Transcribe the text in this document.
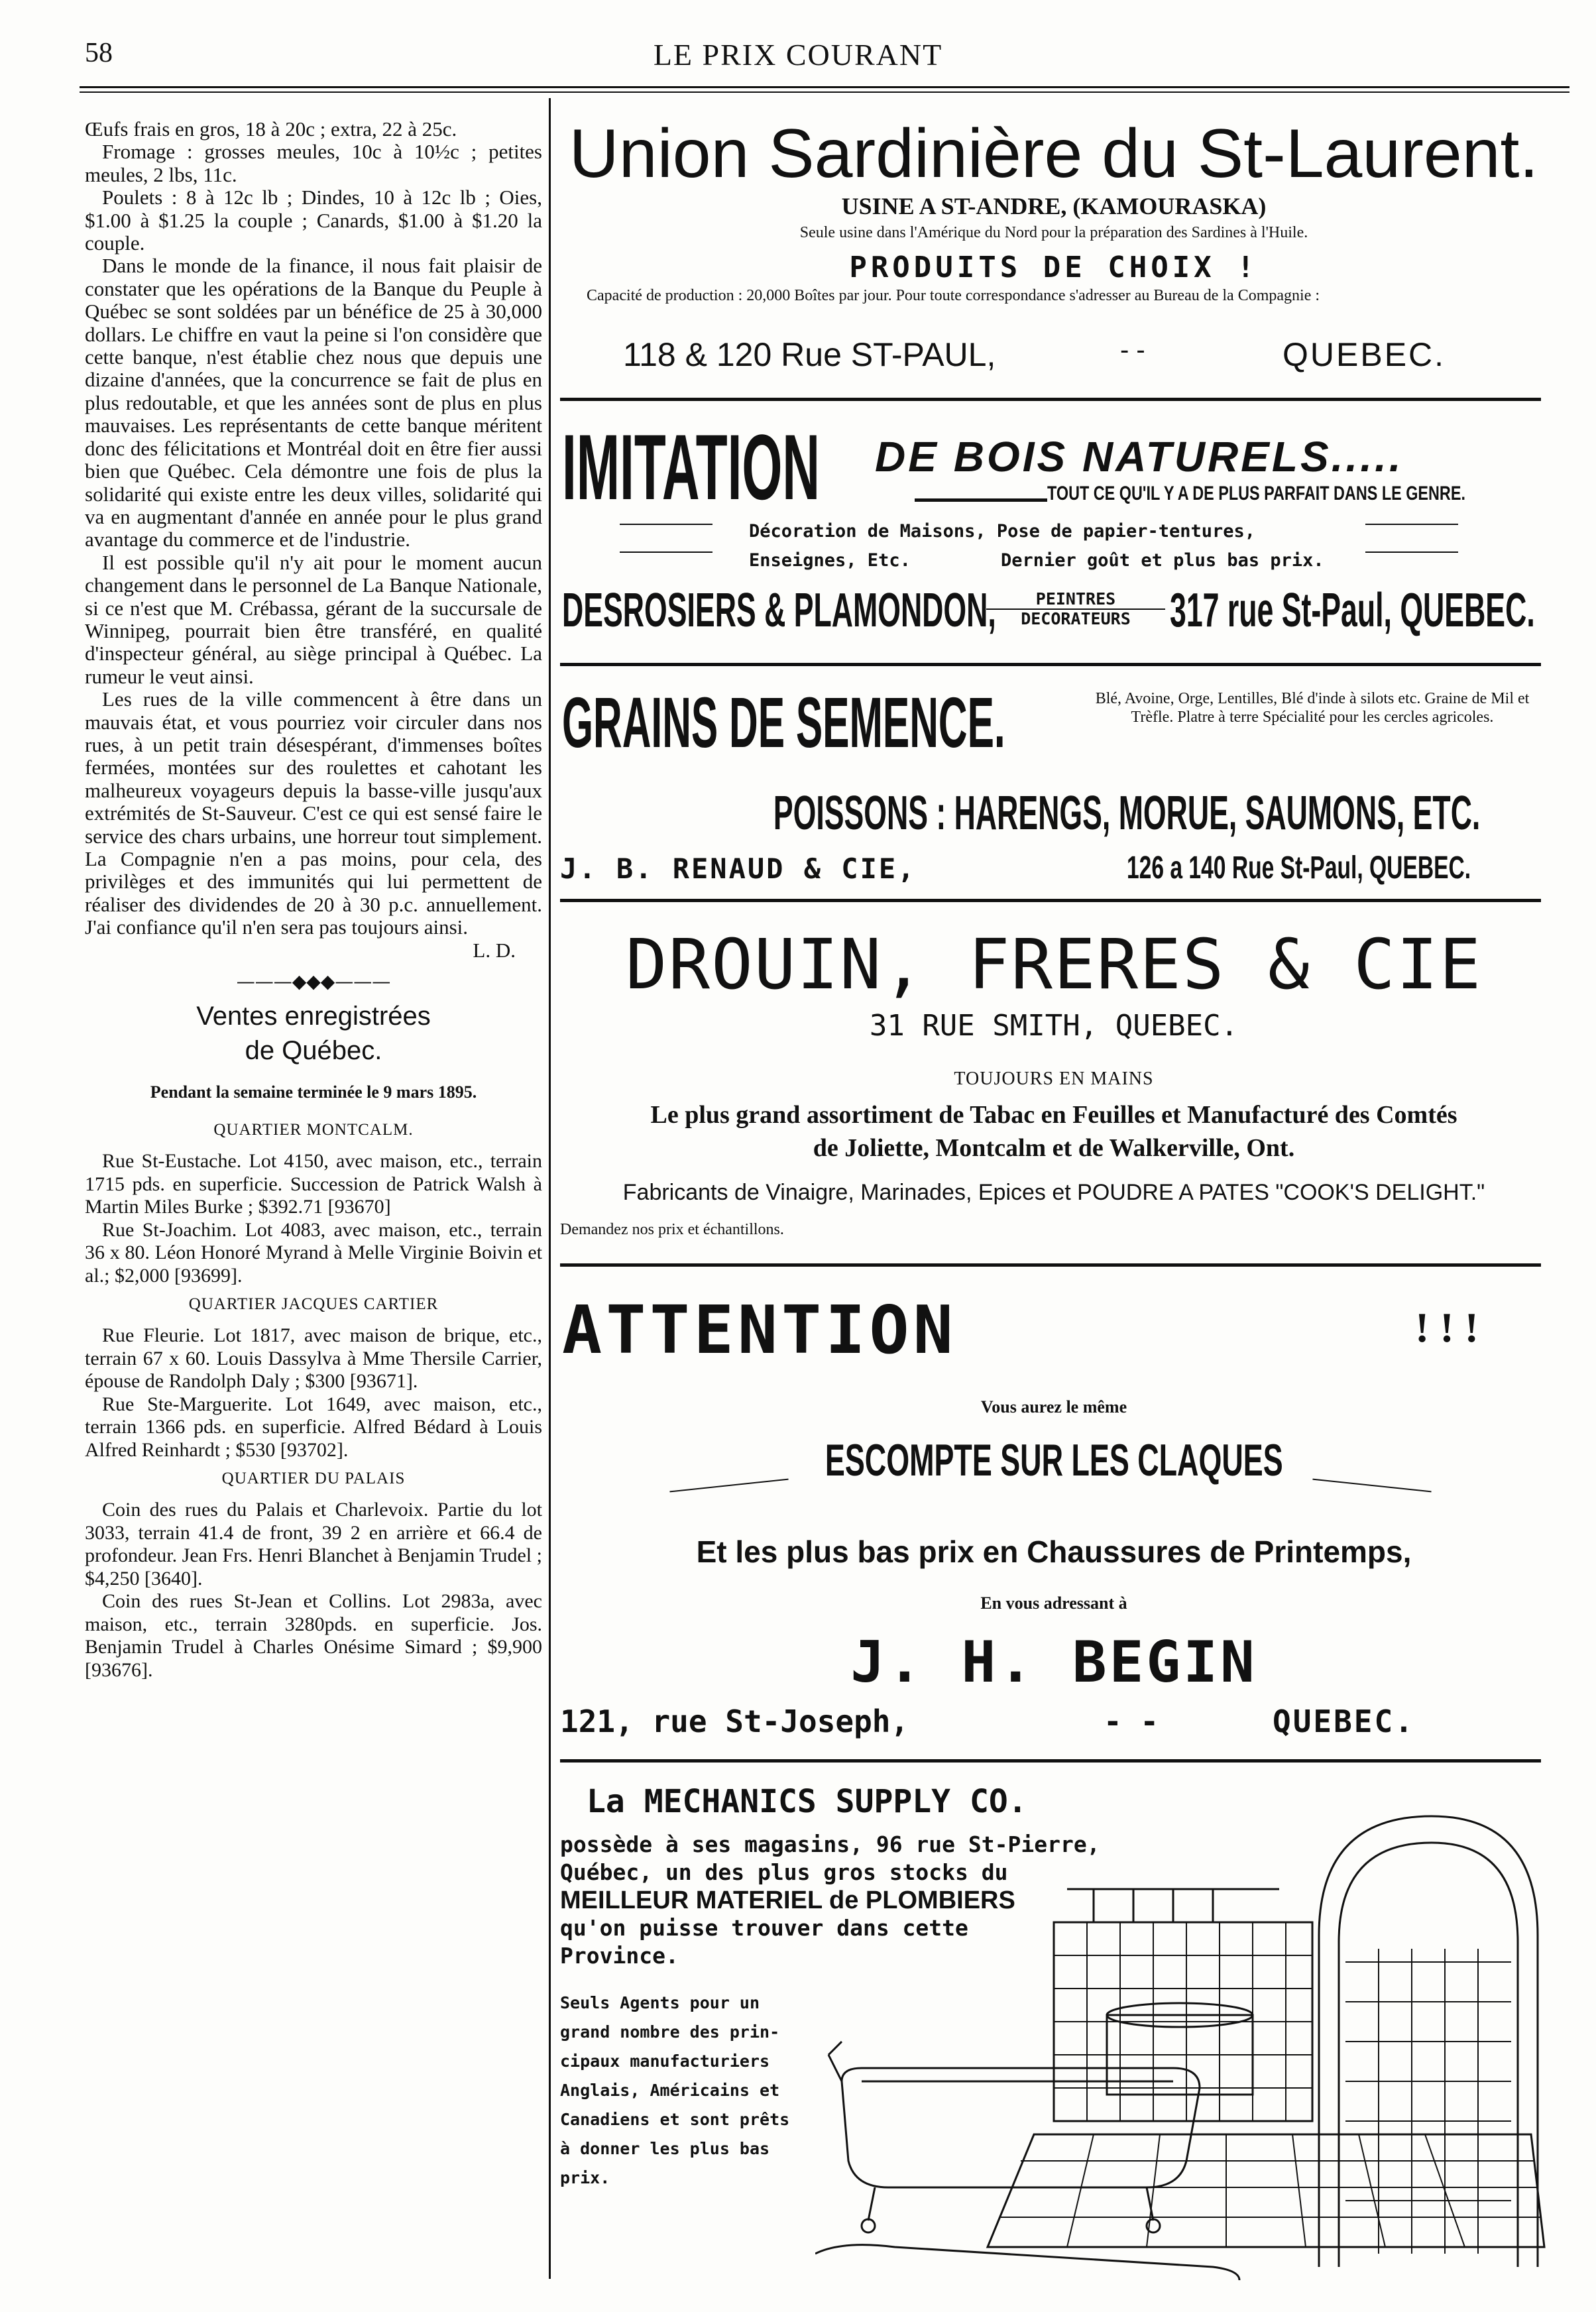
58	LE PRIX COURANT

Œufs frais en gros, 18 à 20c ; extra, 22 à 25c.

Fromage : grosses meules, 10c à 10½c ; petites meules, 2 lbs, 11c.

Poulets : 8 à 12c lb ; Dindes, 10 à 12c lb ; Oies, $1.00 à $1.25 la couple ; Canards, $1.00 à $1.20 la couple.

Dans le monde de la finance, il nous fait plaisir de constater que les opérations de la Banque du Peuple à Québec se sont soldées par un bénéfice de 25 à 30,000 dollars. Le chiffre en vaut la peine si l'on considère que cette banque, n'est établie chez nous que depuis une dizaine d'années, que la concurrence se fait de plus en plus redoutable, et que les années sont de plus en plus mauvaises. Les représentants de cette banque méritent donc des félicitations et Montréal doit en être fier aussi bien que Québec. Cela démontre une fois de plus la solidarité qui existe entre les deux villes, solidarité qui va en augmentant d'année en année pour le plus grand avantage du commerce et de l'industrie.

Il est possible qu'il n'y ait pour le moment aucun changement dans le personnel de La Banque Nationale, si ce n'est que M. Crébassa, gérant de la succursale de Winnipeg, pourrait bien être transféré, en qualité d'inspecteur général, au siège principal à Québec. La rumeur le veut ainsi.

Les rues de la ville commencent à être dans un mauvais état, et vous pourriez voir circuler dans nos rues, à un petit train désespérant, d'immenses boîtes fermées, montées sur des roulettes et cahotant les malheureux voyageurs depuis la basse-ville jusqu'aux extrémités de St-Sauveur. C'est ce qui est sensé faire le service des chars urbains, une horreur tout simplement. La Compagnie n'en a pas moins, pour cela, des privilèges et des immunités qui lui permettent de réaliser des dividendes de 20 à 30 p.c. annuellement. J'ai confiance qu'il n'en sera pas toujours ainsi.

L. D.

———◆◆◆———
Ventes enregistrées
de Québec.
Pendant la semaine terminée le 9 mars 1895.
QUARTIER MONTCALM.

Rue St-Eustache. Lot 4150, avec maison, etc., terrain 1715 pds. en superficie. Succession de Patrick Walsh à Martin Miles Burke ; $392.71 [93670]

Rue St-Joachim. Lot 4083, avec maison, etc., terrain 36 x 80. Léon Honoré Myrand à Melle Virginie Boivin et al.; $2,000 [93699].

QUARTIER JACQUES CARTIER

Rue Fleurie. Lot 1817, avec maison de brique, etc., terrain 67 x 60. Louis Dassylva à Mme Thersile Carrier, épouse de Randolph Daly ; $300 [93671].

Rue Ste-Marguerite. Lot 1649, avec maison, etc., terrain 1366 pds. en superficie. Alfred Bédard à Louis Alfred Reinhardt ; $530 [93702].

QUARTIER DU PALAIS

Coin des rues du Palais et Charlevoix. Partie du lot 3033, terrain 41.4 de front, 39 2 en arrière et 66.4 de profondeur. Jean Frs. Henri Blanchet à Benjamin Trudel ; $4,250 [3640].

Coin des rues St-Jean et Collins. Lot 2983a, avec maison, etc., terrain 3280pds. en superficie. Jos. Benjamin Trudel à Charles Onésime Simard ; $9,900 [93676].

Union Sardinière du St-Laurent.
USINE A ST-ANDRE, (KAMOURASKA)
Seule usine dans l'Amérique du Nord pour la préparation des Sardines à l'Huile.
PRODUITS DE CHOIX !
Capacité de production : 20,000 Boîtes par jour. Pour toute correspondance s'adresser au Bureau de la Compagnie :
118 & 120 Rue ST-PAUL,	- -	QUEBEC.
IMITATION	DE BOIS NATURELS.....
TOUT CE QU'IL Y A DE PLUS PARFAIT DANS LE GENRE.
Décoration de Maisons, Pose de papier-tentures,
Enseignes, Etc.	Dernier goût et plus bas prix.
DESROSIERS & PLAMONDON,	PEINTRES
DECORATEURS 317 rue St-Paul, QUEBEC.
GRAINS DE SEMENCE.	Blé, Avoine, Orge, Lentilles, Blé d'inde à silots etc. Graine de Mil et Trèfle. Platre à terre Spécialité pour les cercles agricoles.
POISSONS : HARENGS, MORUE, SAUMONS, ETC.
J. B. RENAUD & CIE,	126 a 140 Rue St-Paul, QUEBEC.
DROUIN, FRERES & CIE
31 RUE SMITH, QUEBEC.
TOUJOURS EN MAINS
Le plus grand assortiment de Tabac en Feuilles et Manufacturé des Comtés
de Joliette, Montcalm et de Walkerville, Ont.
Fabricants de Vinaigre, Marinades, Epices et POUDRE A PATES "COOK'S DELIGHT."
Demandez nos prix et échantillons.
ATTENTION	! ! !
Vous aurez le même
ESCOMPTE SUR LES CLAQUES
Et les plus bas prix en Chaussures de Printemps,
En vous adressant à
J. H. BEGIN
121, rue St-Joseph,	- -	QUEBEC.
La MECHANICS SUPPLY CO.
possède à ses magasins, 96 rue St-Pierre,
Québec, un des plus gros stocks du
MEILLEUR MATERIEL de PLOMBIERS
qu'on puisse trouver dans cette
Province.
Seuls Agents pour un
grand nombre des prin-
cipaux manufacturiers
Anglais, Américains et
Canadiens et sont prêts
à donner les plus bas
prix.
